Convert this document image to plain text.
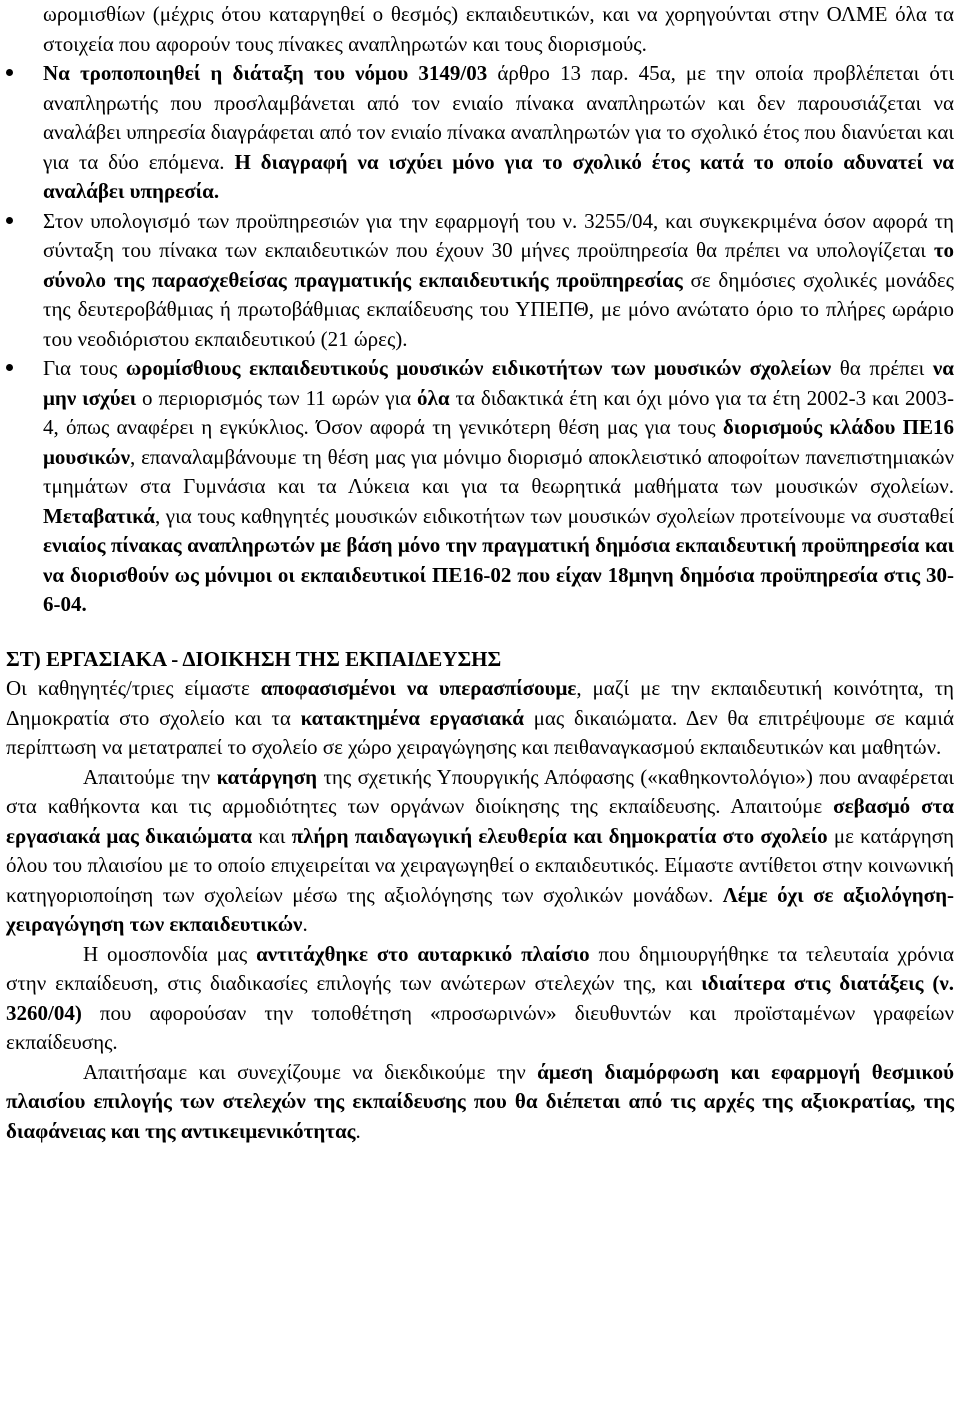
ωρομισθίων (μέχρις ότου καταργηθεί ο θεσμός) εκπαιδευτικών, και να χορηγούνται στην ΟΛΜΕ όλα τα στοιχεία που αφορούν τους πίνακες αναπληρωτών και τους διορισμούς.

Να τροποποιηθεί η διάταξη του νόμου 3149/03 άρθρο 13 παρ. 45α, με την οποία προβλέπεται ότι αναπληρωτής που προσλαμβάνεται από τον ενιαίο πίνακα αναπληρωτών και δεν παρουσιάζεται να αναλάβει υπηρεσία διαγράφεται από τον ενιαίο πίνακα αναπληρωτών για το σχολικό έτος που διανύεται και για τα δύο επόμενα. Η διαγραφή να ισχύει μόνο για το σχολικό έτος κατά το οποίο αδυνατεί να αναλάβει υπηρεσία.
Στον υπολογισμό των προϋπηρεσιών για την εφαρμογή του ν. 3255/04, και συγκεκριμένα όσον αφορά τη σύνταξη του πίνακα των εκπαιδευτικών που έχουν 30 μήνες προϋπηρεσία θα πρέπει να υπολογίζεται το σύνολο της παρασχεθείσας πραγματικής εκπαιδευτικής προϋπηρεσίας σε δημόσιες σχολικές μονάδες της δευτεροβάθμιας ή πρωτοβάθμιας εκπαίδευσης του ΥΠΕΠΘ, με μόνο ανώτατο όριο το πλήρες ωράριο του νεοδιόριστου εκπαιδευτικού (21 ώρες).
Για τους ωρομίσθιους εκπαιδευτικούς μουσικών ειδικοτήτων των μουσικών σχολείων θα πρέπει να μην ισχύει ο περιορισμός των 11 ωρών για όλα τα διδακτικά έτη και όχι μόνο για τα έτη 2002-3 και 2003-4, όπως αναφέρει η εγκύκλιος. Όσον αφορά τη γενικότερη θέση μας για τους διορισμούς κλάδου ΠΕ16 μουσικών, επαναλαμβάνουμε τη θέση μας για μόνιμο διορισμό αποκλειστικό αποφοίτων πανεπιστημιακών τμημάτων στα Γυμνάσια και τα Λύκεια και για τα θεωρητικά μαθήματα των μουσικών σχολείων. Μεταβατικά, για τους καθηγητές μουσικών ειδικοτήτων των μουσικών σχολείων προτείνουμε να συσταθεί ενιαίος πίνακας αναπληρωτών με βάση μόνο την πραγματική δημόσια εκπαιδευτική προϋπηρεσία και να διορισθούν ως μόνιμοι οι εκπαιδευτικοί ΠΕ16-02 που είχαν 18μηνη δημόσια προϋπηρεσία στις 30-6-04.

ΣΤ) ΕΡΓΑΣΙΑΚΑ - ΔΙΟΙΚΗΣΗ ΤΗΣ ΕΚΠΑΙΔΕΥΣΗΣ

Οι καθηγητές/τριες είμαστε αποφασισμένοι να υπερασπίσουμε, μαζί με την εκπαιδευτική κοινότητα, τη Δημοκρατία στο σχολείο και τα κατακτημένα εργασιακά μας δικαιώματα. Δεν θα επιτρέψουμε σε καμιά περίπτωση να μετατραπεί το σχολείο σε χώρο χειραγώγησης και πειθαναγκασμού εκπαιδευτικών και μαθητών.

Απαιτούμε την κατάργηση της σχετικής Υπουργικής Απόφασης («καθηκοντολόγιο») που αναφέρεται στα καθήκοντα και τις αρμοδιότητες των οργάνων διοίκησης της εκπαίδευσης. Απαιτούμε σεβασμό στα εργασιακά μας δικαιώματα και πλήρη παιδαγωγική ελευθερία και δημοκρατία στο σχολείο με κατάργηση όλου του πλαισίου με το οποίο επιχειρείται να χειραγωγηθεί ο εκπαιδευτικός. Είμαστε αντίθετοι στην κοινωνική κατηγοριοποίηση των σχολείων μέσω της αξιολόγησης των σχολικών μονάδων. Λέμε όχι σε αξιολόγηση-χειραγώγηση των εκπαιδευτικών.

Η ομοσπονδία μας αντιτάχθηκε στο αυταρκικό πλαίσιο που δημιουργήθηκε τα τελευταία χρόνια στην εκπαίδευση, στις διαδικασίες επιλογής των ανώτερων στελεχών της, και ιδιαίτερα στις διατάξεις (ν. 3260/04) που αφορούσαν την τοποθέτηση «προσωρινών» διευθυντών και προϊσταμένων γραφείων εκπαίδευσης.

Απαιτήσαμε και συνεχίζουμε να διεκδικούμε την άμεση διαμόρφωση και εφαρμογή θεσμικού πλαισίου επιλογής των στελεχών της εκπαίδευσης που θα διέπεται από τις αρχές της αξιοκρατίας, της διαφάνειας και της αντικειμενικότητας.
